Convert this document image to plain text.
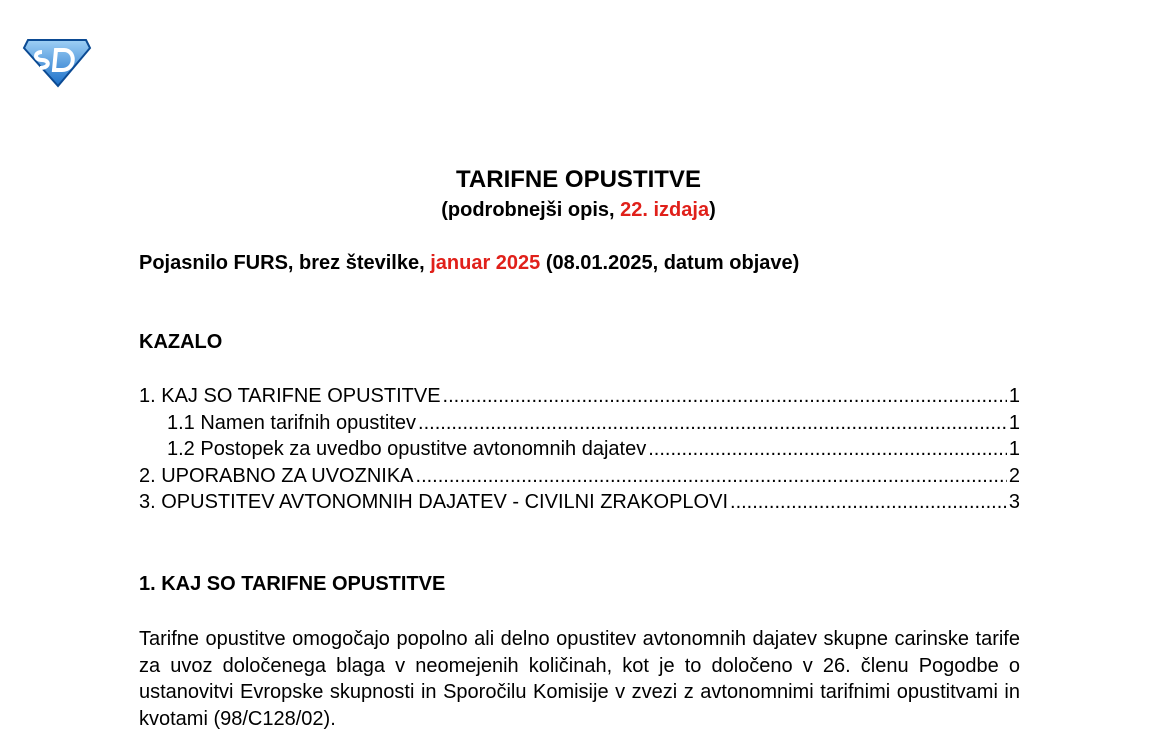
TARIFNE OPUSTITVE
(podrobnejši opis, 22. izdaja)
Pojasnilo FURS, brez številke, januar 2025 (08.01.2025, datum objave)
KAZALO
1. KAJ SO TARIFNE OPUSTITVE .....	1
1.1 Namen tarifnih opustitev .....	1
1.2 Postopek za uvedbo opustitve avtonomnih dajatev .....	1
2. UPORABNO ZA UVOZNIKA .....	2
3. OPUSTITEV AVTONOMNIH DAJATEV - CIVILNI ZRAKOPLOVI .....	3
1. KAJ SO TARIFNE OPUSTITVE
Tarifne opustitve omogočajo popolno ali delno opustitev avtonomnih dajatev skupne carinske tarife za uvoz določenega blaga v neomejenih količinah, kot je to določeno v 26. členu Pogodbe o ustanovitvi Evropske skupnosti in Sporočilu Komisije v zvezi z avtonomnimi tarifnimi opustitvami in kvotami (98/C128/02).
